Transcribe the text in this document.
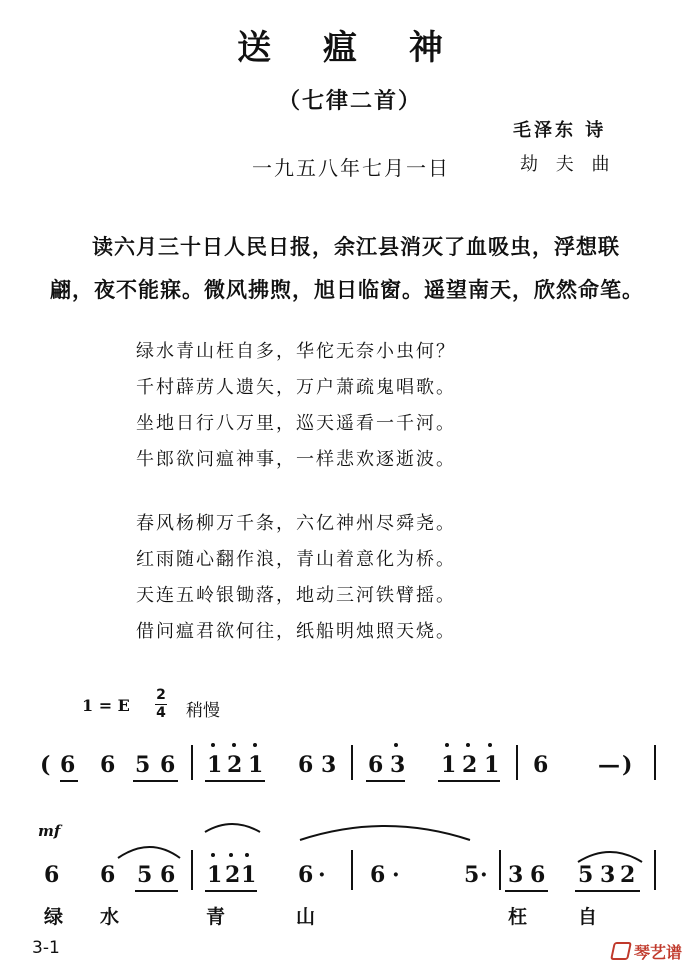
送 瘟 神
（七律二首）
毛泽东 诗
一九五八年七月一日	劫 夫 曲
读六月三十日人民日报，余江县消灭了血吸虫，浮想联翩，夜不能寐。微风拂煦，旭日临窗。遥望南天，欣然命笔。
绿水青山枉自多，华佗无奈小虫何？
千村薜苈人遗矢，万户萧疏鬼唱歌。
坐地日行八万里，巡天遥看一千河。
牛郎欲问瘟神事，一样悲欢逐逝波。
春风杨柳万千条，六亿神州尽舜尧。
红雨随心翻作浪，青山着意化为桥。
天连五岭银锄落，地动三河铁臂摇。
借问瘟君欲何往，纸船明烛照天烧。
1 = E
2
4 稍慢
( 6 6 5 6 1 2 1 6 3 6 3 1 2 1 6 — )
mf
6 6 5 6 1 2 1 6 · 6 ·	5 · 3 6 5 3 2
绿 水	青	山	枉	自
3-1	琴艺谱
